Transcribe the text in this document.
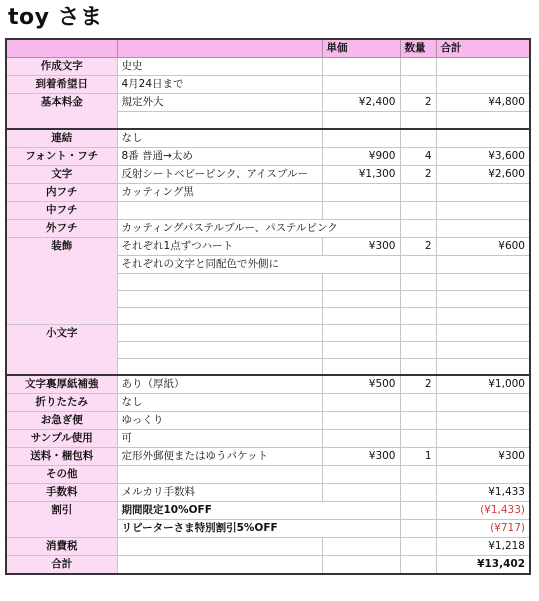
toy さま
		単価	数量	合計
作成文字	史史			
到着希望日	4月24日まで			
基本料金	規定外大	¥2,400	2	¥4,800

連結	なし			
フォント・フチ	8番 普通→太め	¥900	4	¥3,600
文字	反射シートベビーピンク、アイスブルー	¥1,300	2	¥2,600
内フチ	カッティング黒			
中フチ				
外フチ	カッティングパステルブルー、パステルピンク			
装飾	それぞれ1点ずつハート	¥300	2	¥600
	それぞれの文字と同配色で外側に			

小文字				

文字裏厚紙補強	あり（厚紙）	¥500	2	¥1,000
折りたたみ	なし			
お急ぎ便	ゆっくり			
サンプル使用	可			
送料・梱包料	定形外郵便またはゆうパケット	¥300	1	¥300
その他				
手数料	メルカリ手数料			¥1,433
割引	期間限定10%OFF			(¥1,433)
	リピーターさま特別割引5%OFF			(¥717)
消費税				¥1,218
合計				¥13,402
